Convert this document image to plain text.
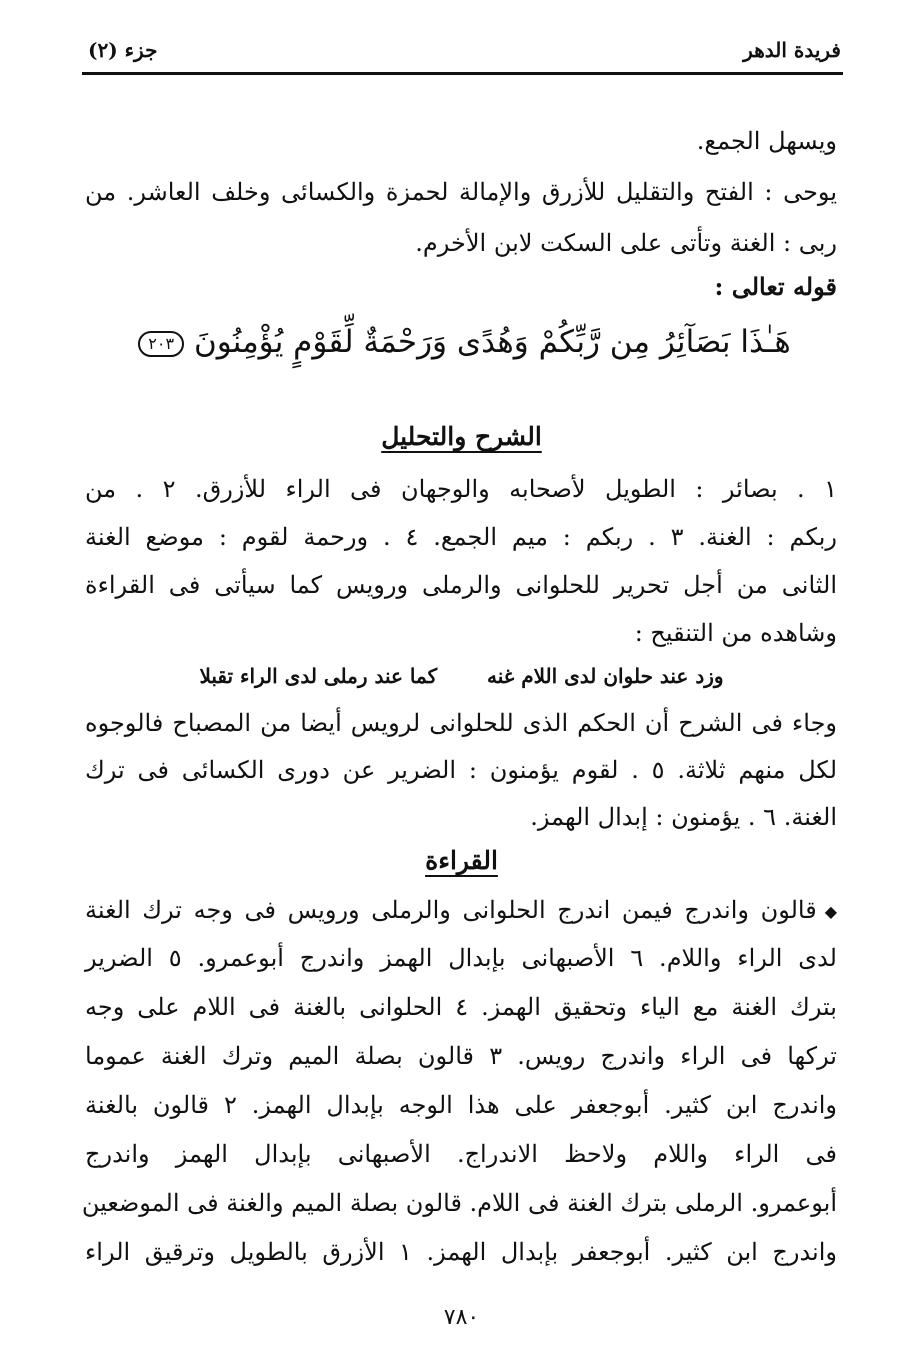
فريدة الدهر
جزء (٢)
ويسهل الجمع.
يوحى : الفتح والتقليل للأزرق والإمالة لحمزة والكسائى وخلف العاشر. من
ربى : الغنة وتأتى على السكت لابن الأخرم.
قوله تعالى :
هَـٰذَا بَصَآئِرُ مِن رَّبِّكُمْ وَهُدًى وَرَحْمَةٌ لِّقَوْمٍ يُؤْمِنُونَ ٢٠٣
الشرح والتحليل
١ . بصائر : الطويل لأصحابه والوجهان فى الراء للأزرق. ٢ . من
ربكم : الغنة. ٣ . ربكم : ميم الجمع. ٤ . ورحمة لقوم : موضع الغنة
الثانى من أجل تحرير للحلوانى والرملى ورويس كما سيأتى فى القراءة
وشاهده من التنقيح :
وزد عند حلوان لدى اللام غنه  كما عند رملى لدى الراء تقبلا
وجاء فى الشرح أن الحكم الذى للحلوانى لرويس أيضا من المصباح فالوجوه
لكل منهم ثلاثة. ٥ . لقوم يؤمنون : الضرير عن دورى الكسائى فى ترك
الغنة. ٦ . يؤمنون : إبدال الهمز.
القراءة
◆قالون واندرج فيمن اندرج الحلوانى والرملى ورويس فى وجه ترك الغنة
لدى الراء واللام. ٦ الأصبهانى بإبدال الهمز واندرج أبوعمرو. ٥ الضرير
بترك الغنة مع الياء وتحقيق الهمز. ٤ الحلوانى بالغنة فى اللام على وجه
تركها فى الراء واندرج رويس. ٣ قالون بصلة الميم وترك الغنة عموما
واندرج ابن كثير. أبوجعفر على هذا الوجه بإبدال الهمز. ٢ قالون بالغنة
فى الراء واللام ولاحظ الاندراج. الأصبهانى بإبدال الهمز واندرج
أبوعمرو. الرملى بترك الغنة فى اللام. قالون بصلة الميم والغنة فى الموضعين
واندرج ابن كثير. أبوجعفر بإبدال الهمز. ١ الأزرق بالطويل وترقيق الراء
٧٨٠
